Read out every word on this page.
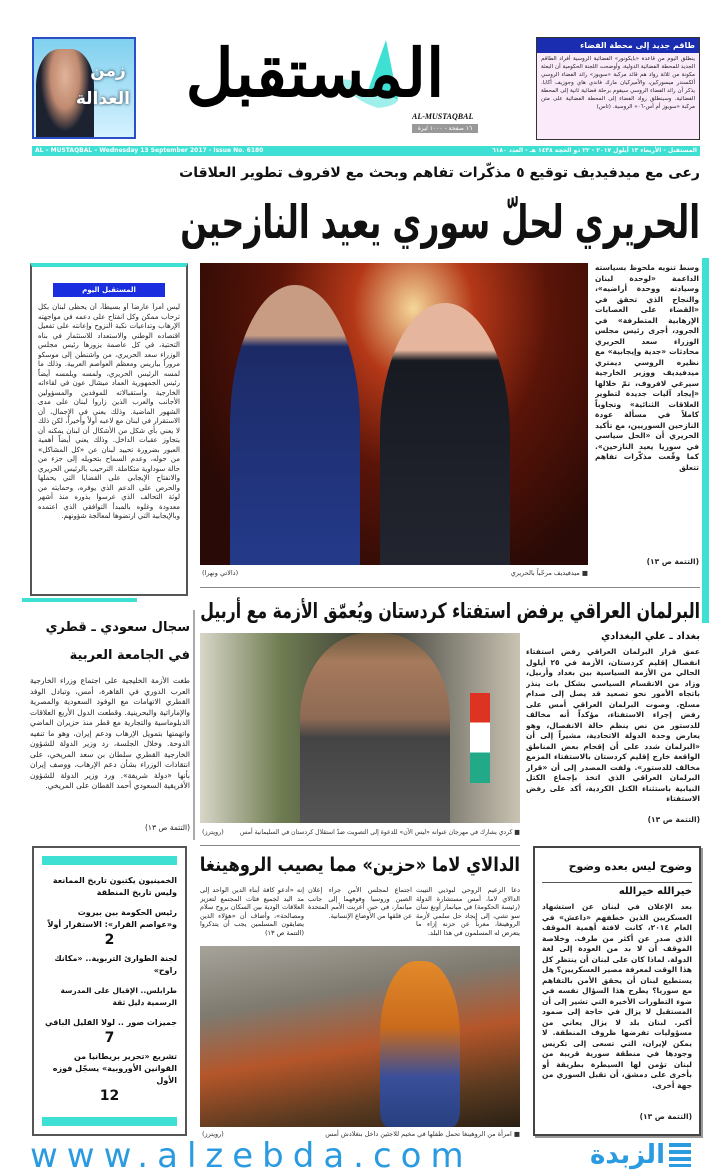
زمن العدالة المستقبل
AL-MUSTAQBAL
١٦ صفحة - ١٠٠٠ ليرة
طاقم جديد إلى محطة الفضاء
ينطلق اليوم من قاعدة «بايكونور» الفضائية الروسية أفراد الطاقم الجديد للمحطة الفضائية الدولية، وأوضحت اللجنة الحكومية أن البعثة مكونة من ثلاثة رواد هم قائد مركبة «سويوز» رائد الفضاء الروسي ألكسندر ميسوركين، والأميركيان مارك فاندي هاي وجوزيف أكابا. يذكر أن رائد الفضاء الروسي سيقوم برحلة فضائية ثانية إلى المحطة الفضائية. وسينطلق رواد الفضاء إلى المحطة الفضائية على متن مركبة «سويوز أم أس-٠٦» الروسية. (تاس)
AL – MUSTAQBAL – Wednesday 13 September 2017 - Issue No. 6180	المستقبل - الأربعاء ١٣ أيلول ٢٠١٧ - ٢٢ ذو الحجة ١٤٣٨ هـ - العدد ٦١٨٠
رعى مع ميدفيديف توقيع ٥ مذكّرات تفاهم وبحث مع لافروف تطوير العلاقات
الحريري لحلّ سوري يعيد النازحين
■ ميدفيديف مرحّباً بالحريري
(دالاتي ونهرا)
وسط تنويه ملحوظ بسياسته الداعمة «لوحدة لبنان وسيادته ووحدة أراضيه»، والنجاح الذي تحقق في «القضاء على العصابات الإرهابية المتطرفة» في الجرود، أجرى رئيس مجلس الوزراء سعد الحريري محادثات «جدية وإيجابية» مع نظيره الروسي ديمتري ميدفيديف ووزير الخارجية سيرغي لافروف، تمّ خلالها «إيجاد آليات جديدة لتطوير العلاقات الثنائية» وتجاوباً كاملاً في مسألة عودة النازحين السوريين، مع تأكيد الحريري أن «الحل سياسي في سوريا يعيد النازحين». كما وقّعت مذكّرات تفاهم تتعلق
(التتمة ص ١٣)
المستقبل اليوم
ليس أمراً عارضاً أو بسيطاً، أن يحظى لبنان بكل ترحاب ممكن وكل انفتاح على دعمه في مواجهته الإرهاب وتداعيات نكبة النزوح وإعانته على تفعيل اقتصاده الوطني والاستعداد للاستثمار في بناه التحتية، في كل عاصمة يزورها رئيس مجلس الوزراء سعد الحريري، من واشنطن إلى موسكو مروراً بباريس ومعظم العواصم العربية. وذلك ما لمسه الرئيس الحريري، ولمسه ويلمسه أيضاً رئيس الجمهورية العماد ميشال عون في لقاءاته الخارجية واستقبالاته للموفدين والمسؤولين الأجانب والعرب الذين زاروا لبنان على مدى الشهور الماضية. وذلك يعني في الإجمال، أن الاستقرار في لبنان مع لاعبه أولاً وأخيراً، لكن ذلك لا يعني بأي شكل من الأشكال أن لبنان يمكنه أن يتجاوز عقبات الداخل. وذلك يعني أيضاً أهمية العبور بضرورة تحييد لبنان عن «كل المشاكل» من حوله، وعدم السماح بتحويله إلى جزء من حالة سوداوية متكاملة. الترحيب بالرئيس الحريري والانفتاح الإيجابي على القضايا التي يحملها والحرص على الدعم الذي يوفره، وحمايته من لوثة التحالف الذي غرسوا بذوره منذ أشهر معدودة وغلوه بالمبدأ التوافقي الذي اعتمده وبالإيجابية التي ارتضوها لمعالجة شؤونهم.
سجال سعودي ـ قطري
في الجامعة العربية
طغت الأزمة الخليجية على اجتماع وزراء الخارجية العرب الدوري في القاهرة، أمس، وتبادل الوفد القطري الاتهامات مع الوفود السعودية والمصرية والإماراتية والبحرينية. وقطعت الدول الأربع العلاقات الدبلوماسية والتجارية مع قطر منذ حزيران الماضي واتهمتها بتمويل الإرهاب ودعم إيران، وهو ما تنفيه الدوحة. وخلال الجلسة، رد وزير الدولة للشؤون الخارجية القطري سلطان بن سعد المريخي، على انتقادات الوزراء بشأن دعم الإرهاب، ووصف إيران بأنها «دولة شريفة». ورد وزير الدولة للشؤون الأفريقية السعودي أحمد القطان على المريخي.
(التتمة ص ١٣)
البرلمان العراقي يرفض استفتاء كردستان ويُعمّق الأزمة مع أربيل
■ كردي يشارك في مهرجان عنوانه «ليس الآن» للدعوة إلى التصويت ضدّ استقلال كردستان في السليمانية أمس
(رويترز)
بغداد ـ علي البغدادي
عمق قرار البرلمان العراقي رفض استفتاء انفصال إقليم كردستان، الأزمة في ٢٥ أيلول الحالي من الأزمة السياسية بين بغداد وأربيل، وزاد من الانقسام السياسي بشكل بات ينذر باتجاه الأمور نحو تصعيد قد يصل إلى صدام مسلح. وصوت البرلمان العراقي أمس على رفض إجراء الاستفتاء، مؤكداً أنه مخالف للدستور من نص ينظم حالة الانفصال، وهو يعارض وحدة الدولة الاتحادية، مشيراً إلى أن «البرلمان شدد على أن إقحام بعض المناطق الواقعة خارج إقليم كردستان بالاستفتاء المزمع مخالف للدستور». ولفت المصدر إلى أن «قرار البرلمان العراقي الذي اتخذ بإجماع الكتل النيابية باستثناء الكتل الكردية، أكد على رفض الاستفتاء
(التتمة ص ١٣)
الدالاي لاما «حزين» مما يصيب الروهينغا
دعا الزعيم الروحي لبوذيي التيبت الدالاي لاما، أمس مستشارة الدولة (رئيسة الحكومة) في ميانمار أونغ سان سو تشي، إلى إيجاد حل سلمي لأزمة الروهينغا، معرباً عن حزنه إزاء ما يتعرض له المسلمون في هذا البلد.
اجتماع لمجلس الأمن جراء إعلان الصين وروسيا وقوفهما إلى جانب ميانمار، في حين أعربت الأمم المتحدة عن قلقها من الأوضاع الإنسانية.
إنه «أدعو كافة أبناء الدين الواحد إلى مد اليد لجميع فئات المجتمع لتعزيز العلاقات الودية بين السكان بروح سلام ومصالحة»، وأضاف أن «هؤلاء الذين يضايقون المسلمين يجب أن يتذكروا
(التتمة ص ١٣)
■ امرأة من الروهينغا تحمل طفلها في مخيم للاجئين داخل بنغلادش أمس
(رويترز)
وضوح ليس بعده وضوح
خيرالله خيرالله
بعد الإعلان في لبنان عن استشهاد العسكريين الذين خطفهم «داعش» في العام ٢٠١٤، كانت لافتة أهمية الموقف الذي صدر عن أكثر من طرف. وخلاصة الموقف أن لا بد من العودة إلى لغة الدولة. لماذا كان على لبنان أن ينتظر كل هذا الوقت لمعرفة مصير العسكريين؟ هل يستطيع لبنان أن يحقق الأمن بالتفاهم مع سوريا؟ يطرح هذا السؤال نفسه في ضوء التطورات الأخيرة التي تشير إلى أن المستقبل لا يزال في حاجة إلى صمود أكبر. لبنان بلد لا يزال يعاني من مسؤوليات تفرضها ظروف المنطقة. لا يمكن لإيران، التي تسعى إلى تكريس وجودها في منطقة سورية قريبة من لبنان تؤمن لها السيطرة بطريقة أو بأخرى على دمشق، أن تقبل السوري من جهة أخرى.
(التتمة ص ١٣)
الخمينيون يكتبون تاريخ الممانعة وليس تاريخ المنطقة
رئيس الحكومة بين بيروت و«عواصم القرار»: الاستقرار أولاً
2
لجنة الطوارئ التربوية.. «مكانك راوح»
طرابلس.. الإقبال على المدرسة الرسمية دليل ثقة
جميزات صور .. لولا القليل الباقي
7
تشريع «تحرير بريطانيا من القوانين الأوروبية» يسجّل فوزه الأول
12
www.alzebda.com	الزبدة
